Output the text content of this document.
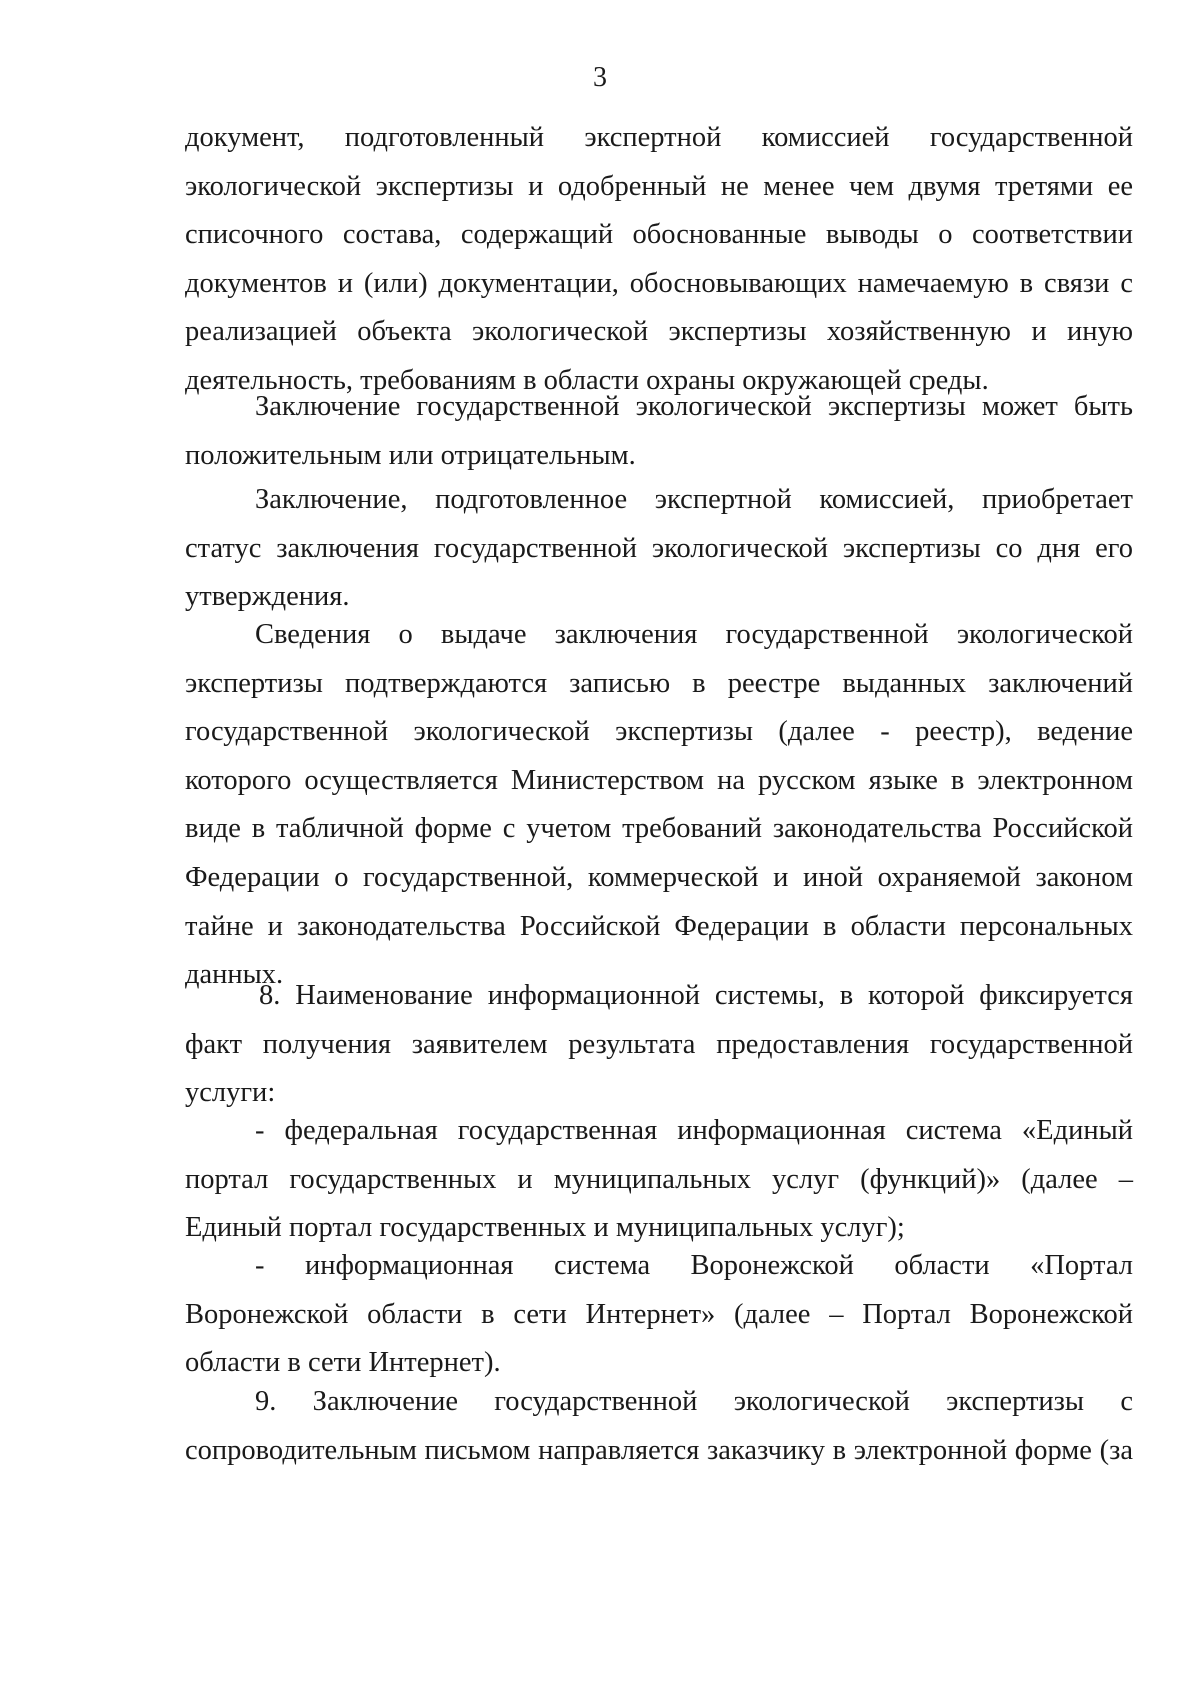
3
документ, подготовленный экспертной комиссией государственной
экологической экспертизы и одобренный не менее чем двумя третями ее
списочного состава, содержащий обоснованные выводы о соответствии
документов и (или) документации, обосновывающих намечаемую в связи с
реализацией объекта экологической экспертизы хозяйственную и иную
деятельность, требованиям в области охраны окружающей среды.
Заключение государственной экологической экспертизы может быть
положительным или отрицательным.
Заключение, подготовленное экспертной комиссией, приобретает
статус заключения государственной экологической экспертизы со дня его
утверждения.
Сведения о выдаче заключения государственной экологической
экспертизы подтверждаются записью в реестре выданных заключений
государственной экологической экспертизы (далее - реестр), ведение
которого осуществляется Министерством на русском языке в электронном
виде в табличной форме с учетом требований законодательства Российской
Федерации о государственной, коммерческой и иной охраняемой законом
тайне и законодательства Российской Федерации в области персональных
данных.
8. Наименование информационной системы, в которой фиксируется
факт получения заявителем результата предоставления государственной
услуги:
- федеральная государственная информационная система «Единый
портал государственных и муниципальных услуг (функций)» (далее –
Единый портал государственных и муниципальных услуг);
- информационная система Воронежской области «Портал
Воронежской области в сети Интернет» (далее – Портал Воронежской
области в сети Интернет).
9. Заключение государственной экологической экспертизы с
сопроводительным письмом направляется заказчику в электронной форме (за
